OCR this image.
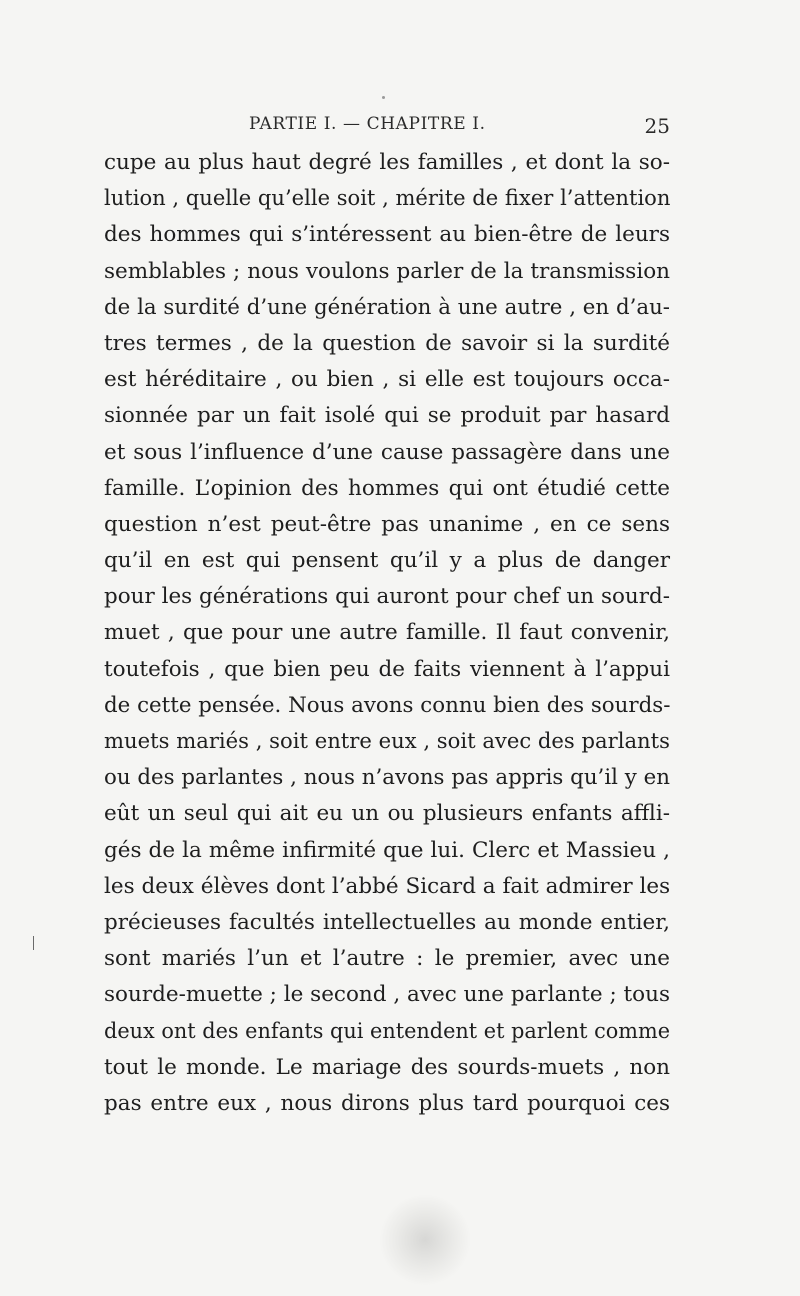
PARTIE I. — CHAPITRE I.	25
cupe au plus haut degré les familles , et dont la so-
lution , quelle qu’elle soit , mérite de fixer l’attention
des hommes qui s’intéressent au bien-être de leurs
semblables ; nous voulons parler de la transmission
de la surdité d’une génération à une autre , en d’au-
tres termes , de la question de savoir si la surdité
est héréditaire , ou bien , si elle est toujours occa-
sionnée par un fait isolé qui se produit par hasard
et sous l’influence d’une cause passagère dans une
famille. L’opinion des hommes qui ont étudié cette
question n’est peut-être pas unanime , en ce sens
qu’il en est qui pensent qu’il y a plus de danger
pour les générations qui auront pour chef un sourd-
muet , que pour une autre famille. Il faut convenir,
toutefois , que bien peu de faits viennent à l’appui
de cette pensée. Nous avons connu bien des sourds-
muets mariés , soit entre eux , soit avec des parlants
ou des parlantes , nous n’avons pas appris qu’il y en
eût un seul qui ait eu un ou plusieurs enfants affli-
gés de la même infirmité que lui. Clerc et Massieu ,
les deux élèves dont l’abbé Sicard a fait admirer les
précieuses facultés intellectuelles au monde entier,
sont mariés l’un et l’autre : le premier, avec une
sourde-muette ; le second , avec une parlante ; tous
deux ont des enfants qui entendent et parlent comme
tout le monde. Le mariage des sourds-muets , non
pas entre eux , nous dirons plus tard pourquoi ces
